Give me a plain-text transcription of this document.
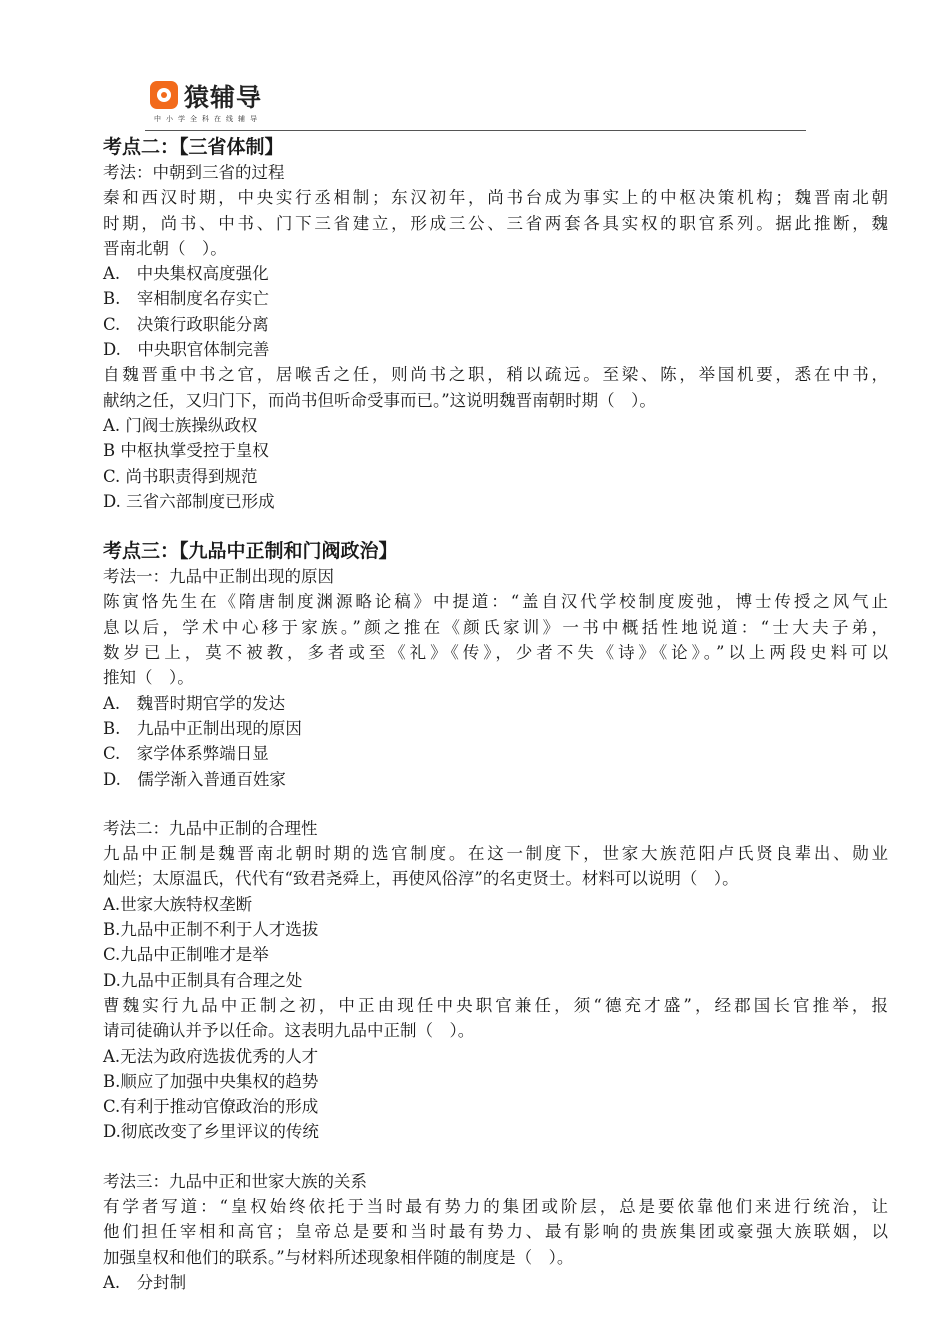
猿辅导
中小学全科在线辅导
考点二：【三省体制】
考法：中朝到三省的过程
秦和西汉时期，中央实行丞相制；东汉初年，尚书台成为事实上的中枢决策机构；魏晋南北朝
时期，尚书、中书、门下三省建立，形成三公、三省两套各具实权的职官系列。据此推断，魏
晋南北朝（　）。
A.　中央集权高度强化
B.　宰相制度名存实亡
C.　决策行政职能分离
D.　中央职官体制完善
自魏晋重中书之官，居喉舌之任，则尚书之职，稍以疏远。至梁、陈，举国机要，悉在中书，
献纳之任，又归门下，而尚书但听命受事而已。”这说明魏晋南朝时期（　）。
A. 门阀士族操纵政权
B 中枢执掌受控于皇权
C. 尚书职责得到规范
D. 三省六部制度已形成
考点三：【九品中正制和门阀政治】
考法一：九品中正制出现的原因
陈寅恪先生在《隋唐制度渊源略论稿》中提道：“盖自汉代学校制度废弛，博士传授之风气止
息以后，学术中心移于家族。”颜之推在《颜氏家训》一书中概括性地说道：“士大夫子弟，
数岁已上，莫不被教，多者或至《礼》《传》，少者不失《诗》《论》。”以上两段史料可以
推知（　）。
A.　魏晋时期官学的发达
B.　九品中正制出现的原因
C.　家学体系弊端日显
D.　儒学渐入普通百姓家
考法二：九品中正制的合理性
九品中正制是魏晋南北朝时期的选官制度。在这一制度下，世家大族范阳卢氏贤良辈出、勋业
灿烂；太原温氏，代代有“致君尧舜上，再使风俗淳”的名吏贤士。材料可以说明（　）。
A.世家大族特权垄断
B.九品中正制不利于人才选拔
C.九品中正制唯才是举
D.九品中正制具有合理之处
曹魏实行九品中正制之初，中正由现任中央职官兼任，须“德充才盛”，经郡国长官推举，报
请司徒确认并予以任命。这表明九品中正制（　）。
A.无法为政府选拔优秀的人才
B.顺应了加强中央集权的趋势
C.有利于推动官僚政治的形成
D.彻底改变了乡里评议的传统
考法三：九品中正和世家大族的关系
有学者写道：“皇权始终依托于当时最有势力的集团或阶层，总是要依靠他们来进行统治，让
他们担任宰相和高官；皇帝总是要和当时最有势力、最有影响的贵族集团或豪强大族联姻，以
加强皇权和他们的联系。”与材料所述现象相伴随的制度是（　）。
A.　分封制
